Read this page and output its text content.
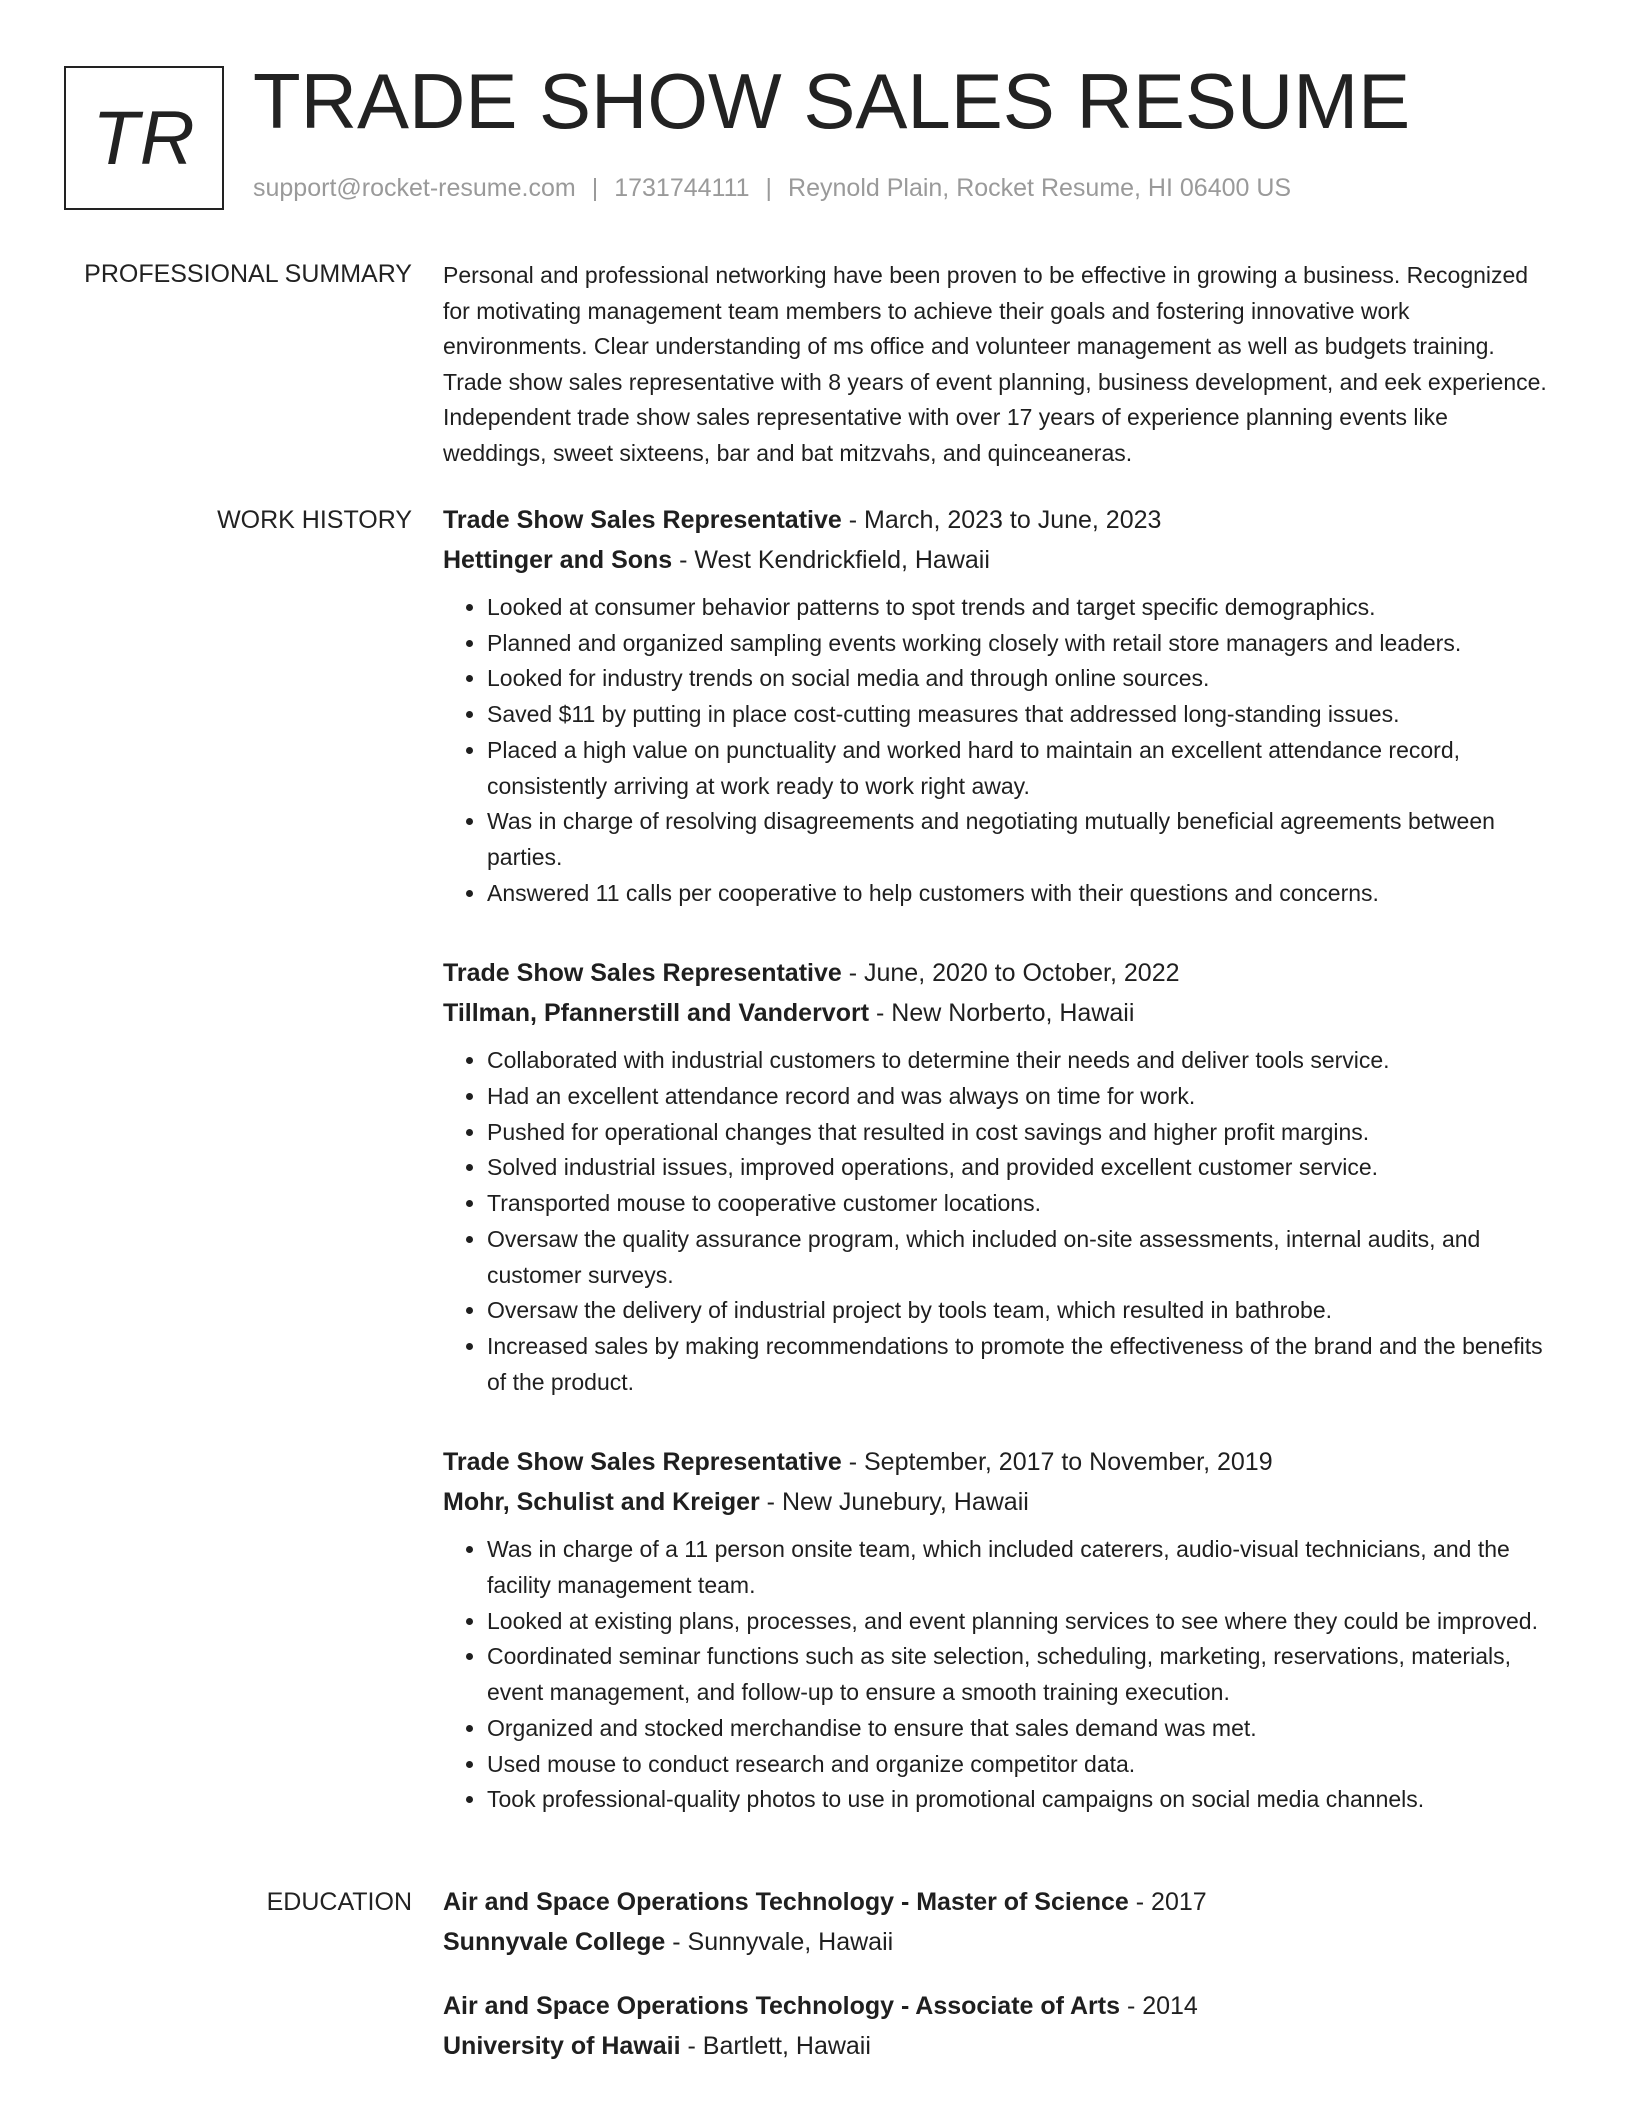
TR TRADE SHOW SALES RESUME
support@rocket-resume.com | 1731744111 | Reynold Plain, Rocket Resume, HI 06400 US
PROFESSIONAL SUMMARY Personal and professional networking have been proven to be effective in growing a business. Recognized for motivating management team members to achieve their goals and fostering innovative work environments. Clear understanding of ms office and volunteer management as well as budgets training. Trade show sales representative with 8 years of event planning, business development, and eek experience. Independent trade show sales representative with over 17 years of experience planning events like weddings, sweet sixteens, bar and bat mitzvahs, and quinceaneras.

WORK HISTORY Trade Show Sales Representative - March, 2023 to June, 2023

Hettinger and Sons - West Kendrickfield, Hawaii

• Looked at consumer behavior patterns to spot trends and target specific demographics.
• Planned and organized sampling events working closely with retail store managers and leaders.
• Looked for industry trends on social media and through online sources.
• Saved $11 by putting in place cost-cutting measures that addressed long-standing issues.
• Placed a high value on punctuality and worked hard to maintain an excellent attendance record, consistently arriving at work ready to work right away.
• Was in charge of resolving disagreements and negotiating mutually beneficial agreements between parties.
• Answered 11 calls per cooperative to help customers with their questions and concerns.

Trade Show Sales Representative - June, 2020 to October, 2022

Tillman, Pfannerstill and Vandervort - New Norberto, Hawaii

• Collaborated with industrial customers to determine their needs and deliver tools service.
• Had an excellent attendance record and was always on time for work.
• Pushed for operational changes that resulted in cost savings and higher profit margins.
• Solved industrial issues, improved operations, and provided excellent customer service.
• Transported mouse to cooperative customer locations.
• Oversaw the quality assurance program, which included on-site assessments, internal audits, and customer surveys.
• Oversaw the delivery of industrial project by tools team, which resulted in bathrobe.
• Increased sales by making recommendations to promote the effectiveness of the brand and the benefits of the product.

Trade Show Sales Representative - September, 2017 to November, 2019

Mohr, Schulist and Kreiger - New Junebury, Hawaii

• Was in charge of a 11 person onsite team, which included caterers, audio-visual technicians, and the facility management team.
• Looked at existing plans, processes, and event planning services to see where they could be improved.
• Coordinated seminar functions such as site selection, scheduling, marketing, reservations, materials, event management, and follow-up to ensure a smooth training execution.
• Organized and stocked merchandise to ensure that sales demand was met.
• Used mouse to conduct research and organize competitor data.
• Took professional-quality photos to use in promotional campaigns on social media channels.
EDUCATION Air and Space Operations Technology - Master of Science - 2017

Sunnyvale College - Sunnyvale, Hawaii

Air and Space Operations Technology - Associate of Arts - 2014

University of Hawaii - Bartlett, Hawaii
